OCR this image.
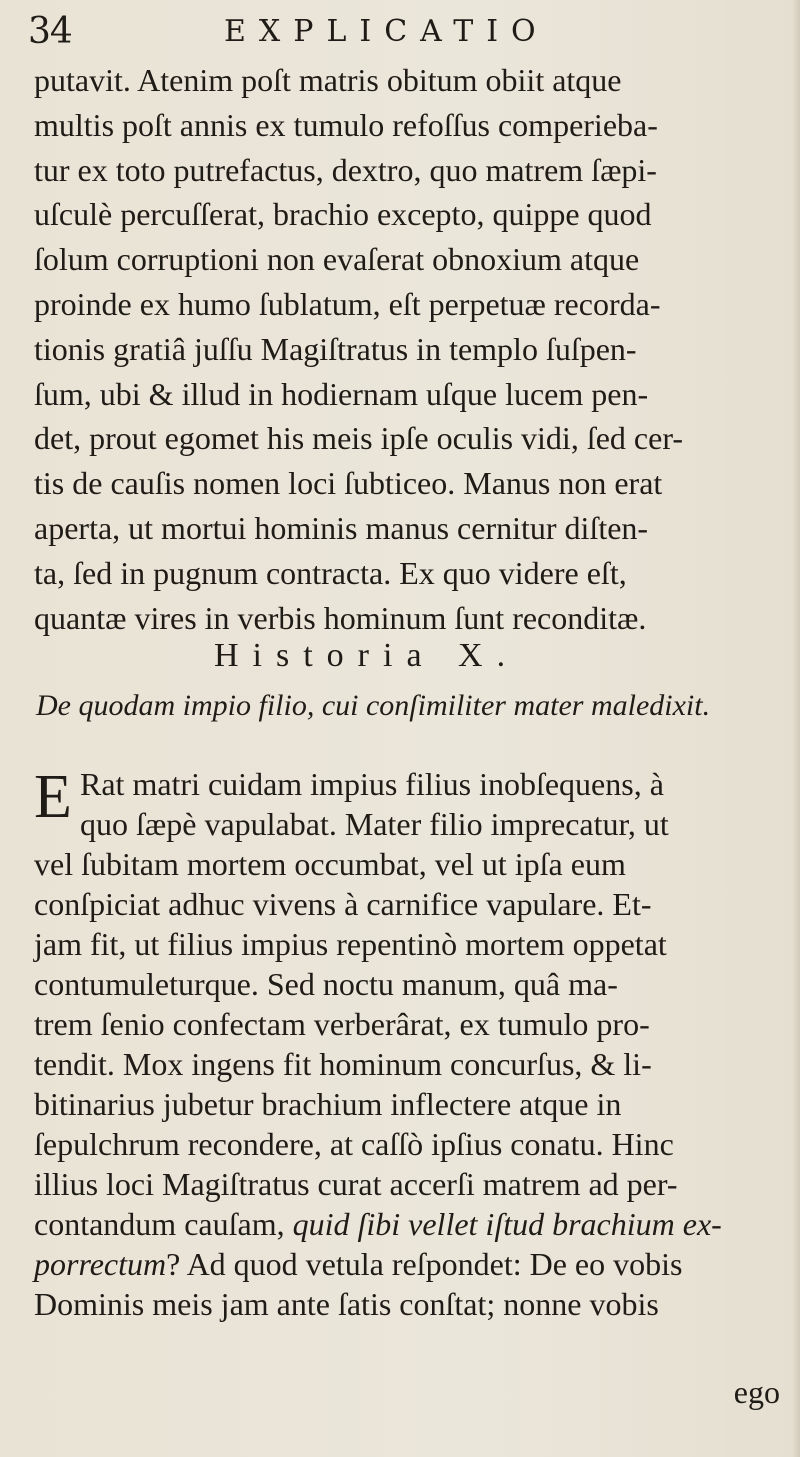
34	EXPLICATIO
putavit. Atenim poſt matris obitum obiit atque
multis poſt annis ex tumulo refoſſus comperieba-
tur ex toto putrefactus, dextro, quo matrem ſæpi-
uſculè percuſſerat, brachio excepto, quippe quod
ſolum corruptioni non evaſerat obnoxium atque
proinde ex humo ſublatum, eſt perpetuæ recorda-
tionis gratiâ juſſu Magiſtratus in templo ſuſpen-
ſum, ubi & illud in hodiernam uſque lucem pen-
det, prout egomet his meis ipſe oculis vidi, ſed cer-
tis de cauſis nomen loci ſubticeo. Manus non erat
aperta, ut mortui hominis manus cernitur diſten-
ta, ſed in pugnum contracta. Ex quo videre eſt,
quantæ vires in verbis hominum ſunt reconditæ.
Historia X.
De quodam impio filio, cui conſimiliter mater maledixit.
E Rat matri cuidam impius filius inobſequens, à
quo ſæpè vapulabat. Mater filio imprecatur, ut
vel ſubitam mortem occumbat, vel ut ipſa eum
conſpiciat adhuc vivens à carnifice vapulare. Et-
jam fit, ut filius impius repentinò mortem oppetat
contumuleturque. Sed noctu manum, quâ ma-
trem ſenio confectam verberârat, ex tumulo pro-
tendit. Mox ingens fit hominum concurſus, & li-
bitinarius jubetur brachium inflectere atque in
ſepulchrum recondere, at caſſò ipſius conatu. Hinc
illius loci Magiſtratus curat accerſi matrem ad per-
contandum cauſam, quid ſibi vellet iſtud brachium ex-
porrectum? Ad quod vetula reſpondet: De eo vobis
Dominis meis jam ante ſatis conſtat; nonne vobis
ego
